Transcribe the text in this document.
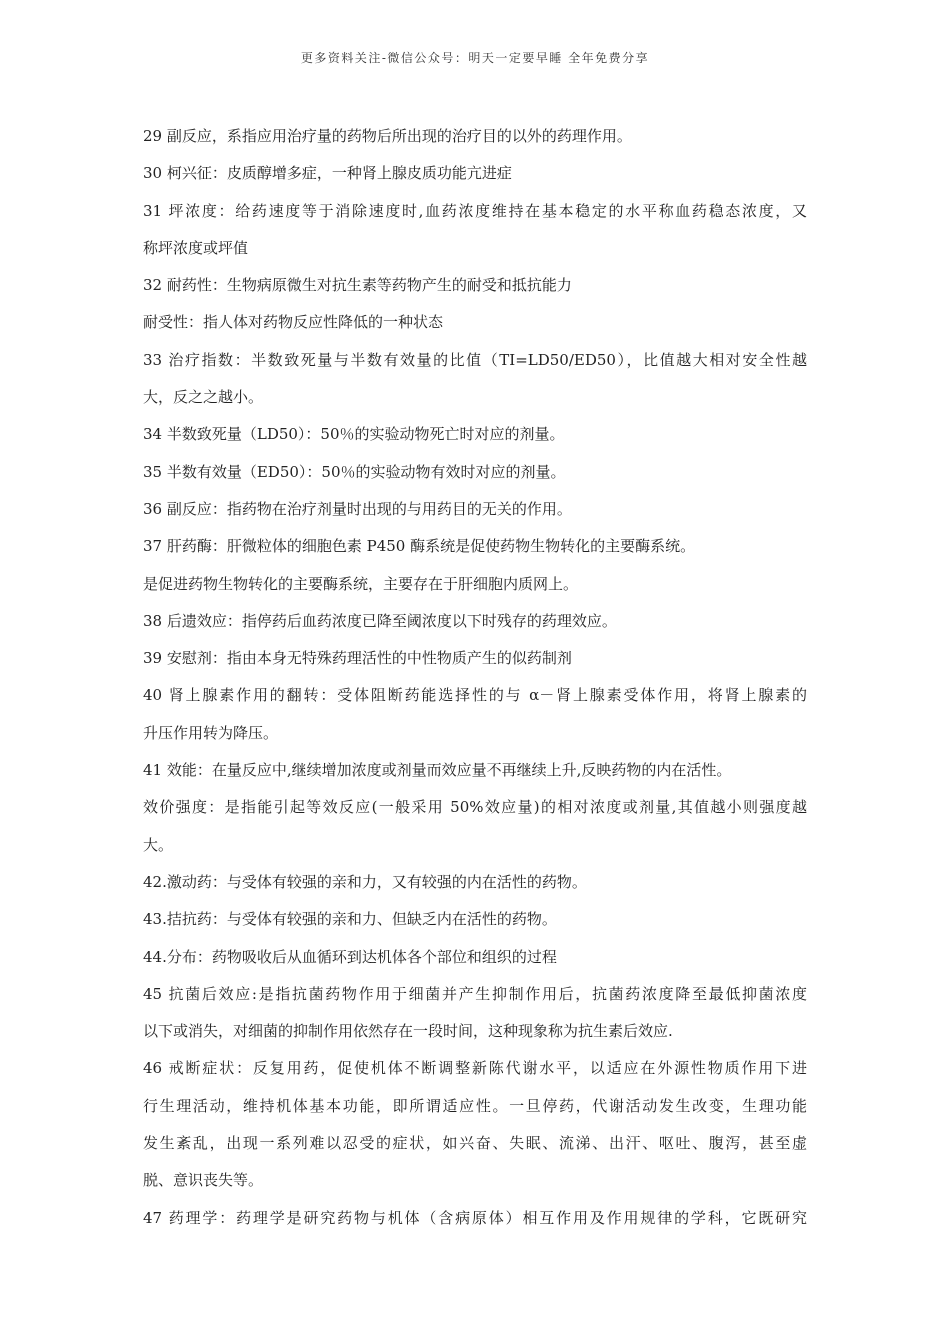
更多资料关注-微信公众号：明天一定要早睡 全年免费分享
29 副反应，系指应用治疗量的药物后所出现的治疗目的以外的药理作用。
30 柯兴征：皮质醇增多症，一种肾上腺皮质功能亢进症
31 坪浓度：给药速度等于消除速度时,血药浓度维持在基本稳定的水平称血药稳态浓度，又
称坪浓度或坪值
32 耐药性：生物病原微生对抗生素等药物产生的耐受和抵抗能力
耐受性：指人体对药物反应性降低的一种状态
33 治疗指数：半数致死量与半数有效量的比值（TI=LD50/ED50），比值越大相对安全性越
大，反之之越小。
34 半数致死量（LD50）：50％的实验动物死亡时对应的剂量。
35 半数有效量（ED50）：50％的实验动物有效时对应的剂量。
36 副反应：指药物在治疗剂量时出现的与用药目的无关的作用。
37 肝药酶：肝微粒体的细胞色素 P450 酶系统是促使药物生物转化的主要酶系统。
是促进药物生物转化的主要酶系统，主要存在于肝细胞内质网上。
38 后遗效应：指停药后血药浓度已降至阈浓度以下时残存的药理效应。
39 安慰剂：指由本身无特殊药理活性的中性物质产生的似药制剂
40 肾上腺素作用的翻转：受体阻断药能选择性的与 α－肾上腺素受体作用，将肾上腺素的
升压作用转为降压。
41 效能：在量反应中,继续增加浓度或剂量而效应量不再继续上升,反映药物的内在活性。
效价强度：是指能引起等效反应(一般采用 50%效应量)的相对浓度或剂量,其值越小则强度越
大。
42.激动药：与受体有较强的亲和力，又有较强的内在活性的药物。
43.拮抗药：与受体有较强的亲和力、但缺乏内在活性的药物。
44.分布：药物吸收后从血循环到达机体各个部位和组织的过程
45 抗菌后效应:是指抗菌药物作用于细菌并产生抑制作用后，抗菌药浓度降至最低抑菌浓度
以下或消失，对细菌的抑制作用依然存在一段时间，这种现象称为抗生素后效应.
46 戒断症状：反复用药，促使机体不断调整新陈代谢水平，以适应在外源性物质作用下进
行生理活动，维持机体基本功能，即所谓适应性。一旦停药，代谢活动发生改变，生理功能
发生紊乱，出现一系列难以忍受的症状，如兴奋、失眠、流涕、出汗、呕吐、腹泻，甚至虚
脱、意识丧失等。
47 药理学：药理学是研究药物与机体（含病原体）相互作用及作用规律的学科，它既研究
